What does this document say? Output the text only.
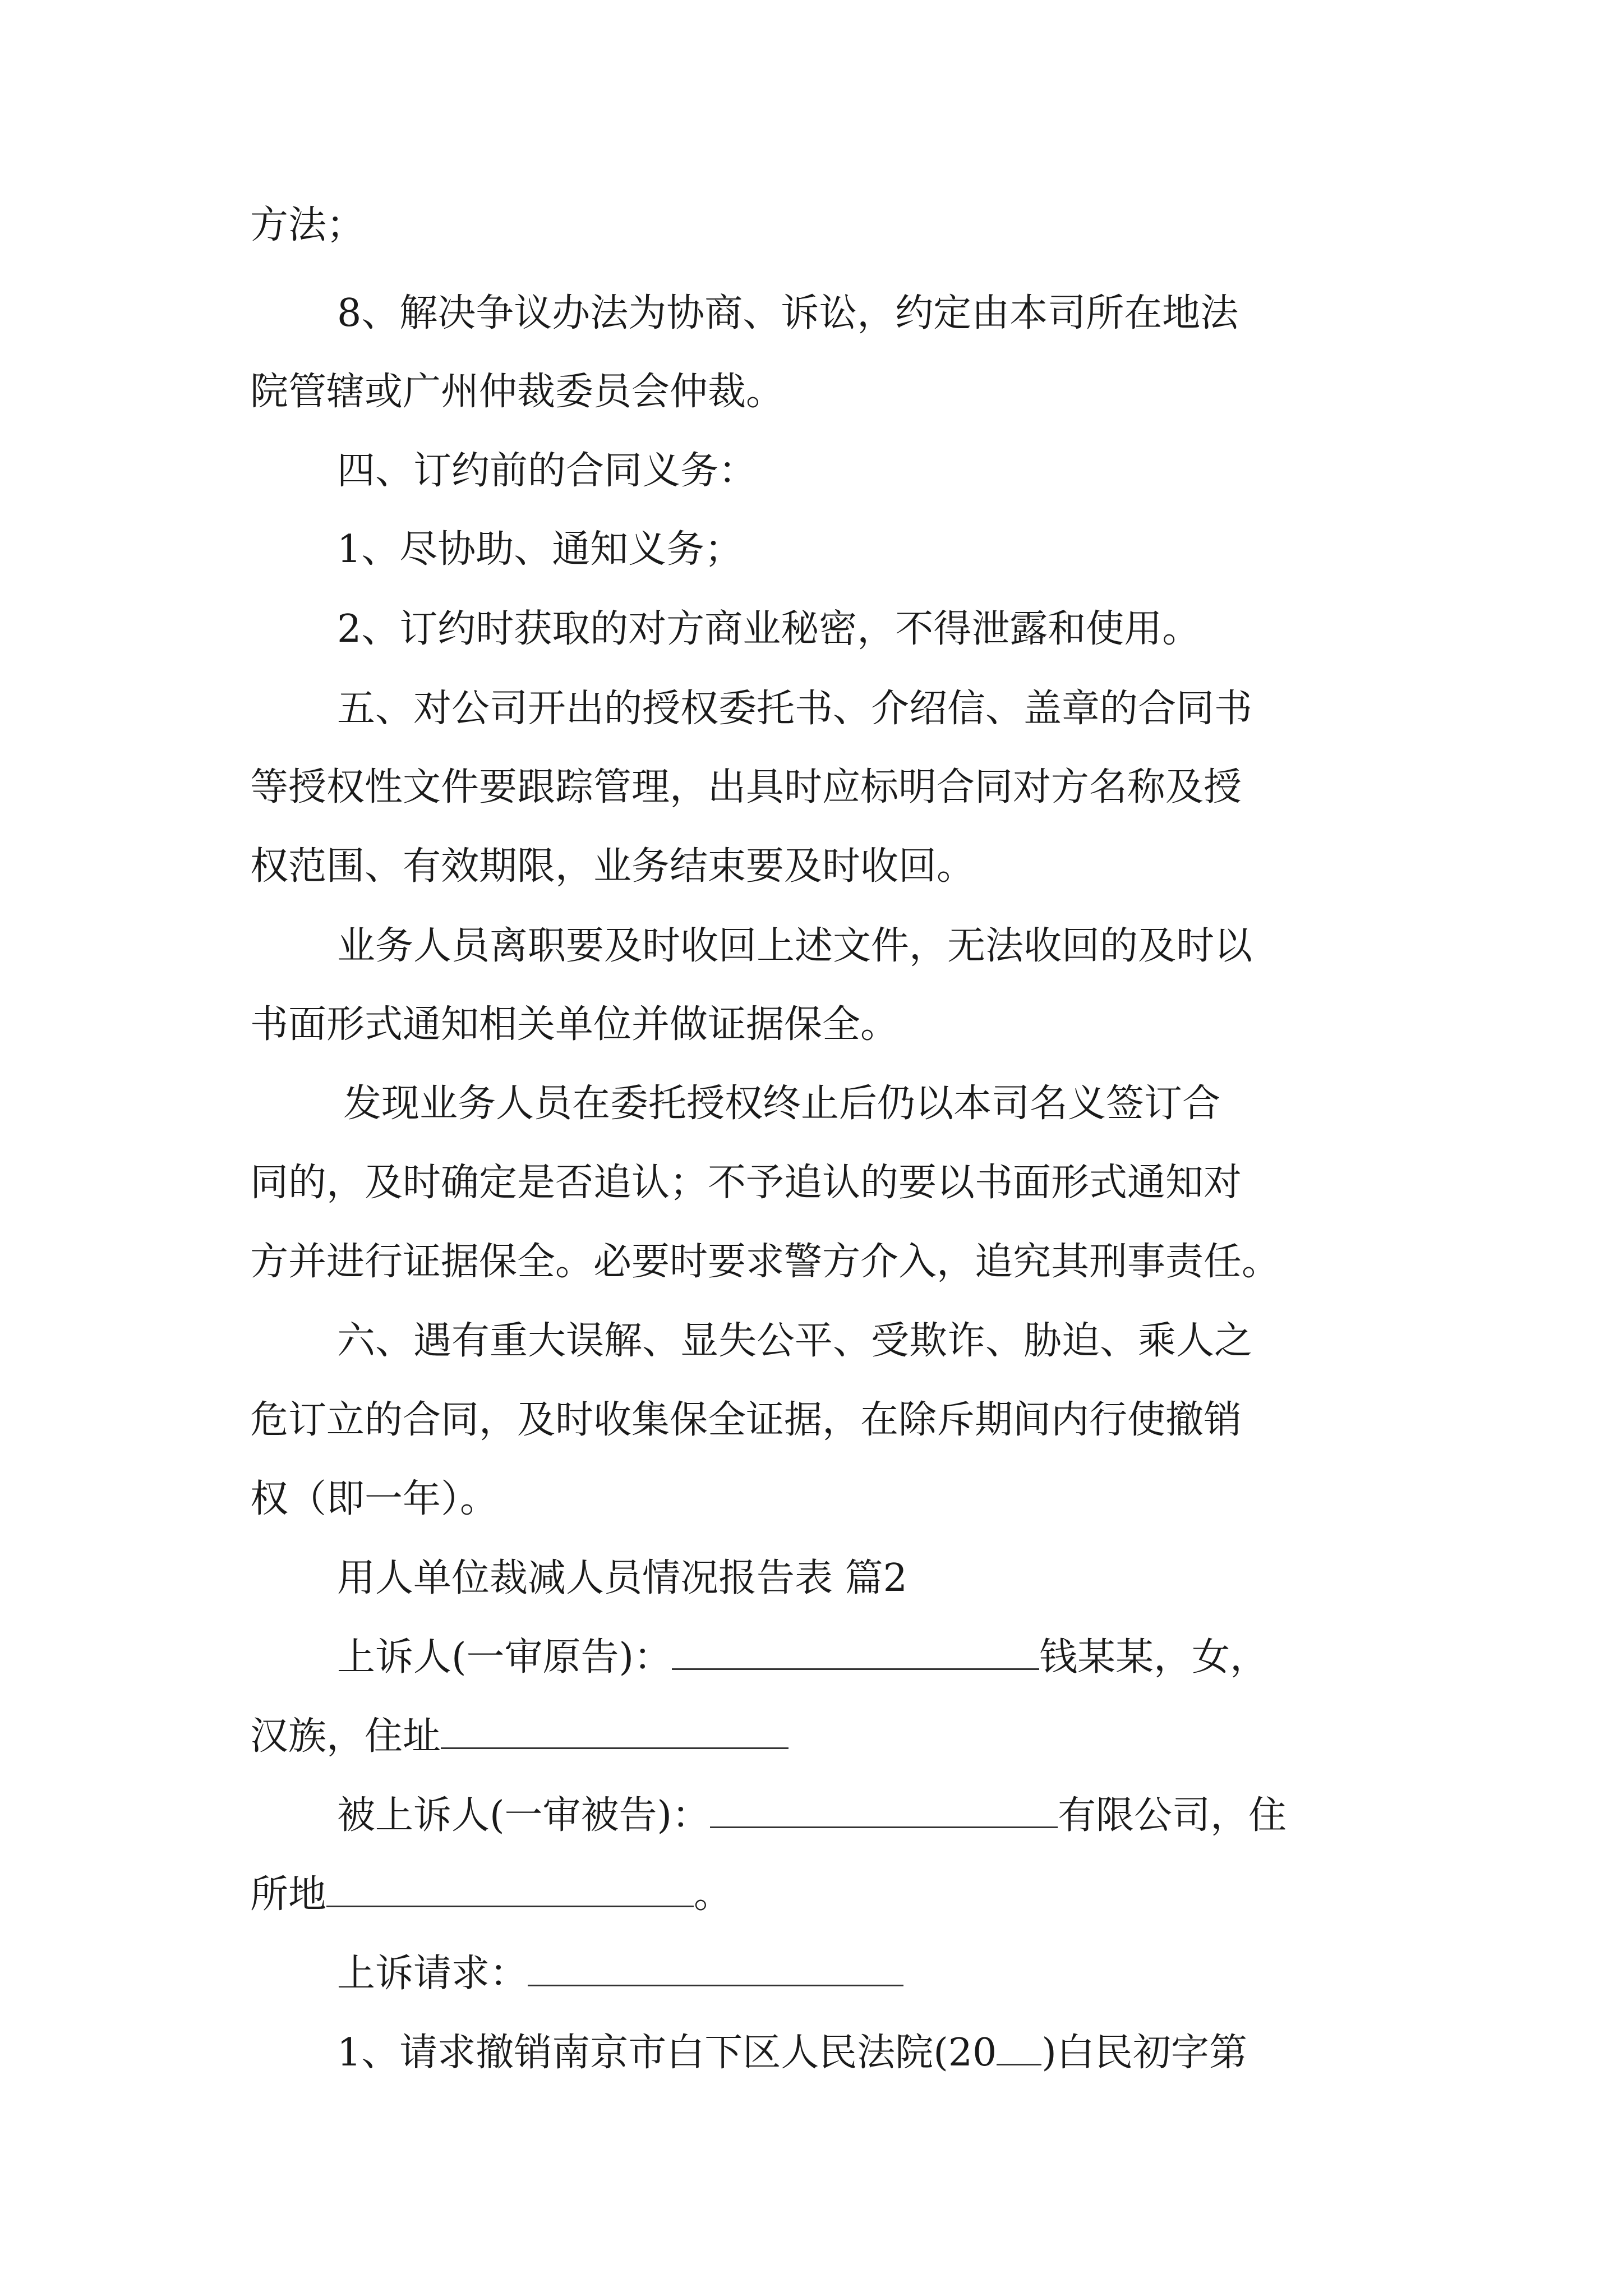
方法；
8、解决争议办法为协商、诉讼，约定由本司所在地法
院管辖或广州仲裁委员会仲裁。
四、订约前的合同义务：
1、尽协助、通知义务；
2、订约时获取的对方商业秘密，不得泄露和使用。
五、对公司开出的授权委托书、介绍信、盖章的合同书
等授权性文件要跟踪管理，出具时应标明合同对方名称及授
权范围、有效期限，业务结束要及时收回。
业务人员离职要及时收回上述文件，无法收回的及时以
书面形式通知相关单位并做证据保全。
发现业务人员在委托授权终止后仍以本司名义签订合
同的，及时确定是否追认；不予追认的要以书面形式通知对
方并进行证据保全。必要时要求警方介入，追究其刑事责任。
六、遇有重大误解、显失公平、受欺诈、胁迫、乘人之
危订立的合同，及时收集保全证据，在除斥期间内行使撤销
权（即一年）。
用人单位裁减人员情况报告表 篇2
上诉人(一审原告)：	钱某某，女，
汉族，住址
被上诉人(一审被告)：	有限公司，住
所地	。
上诉请求：
1、请求撤销南京市白下区人民法院(20 )白民初字第
